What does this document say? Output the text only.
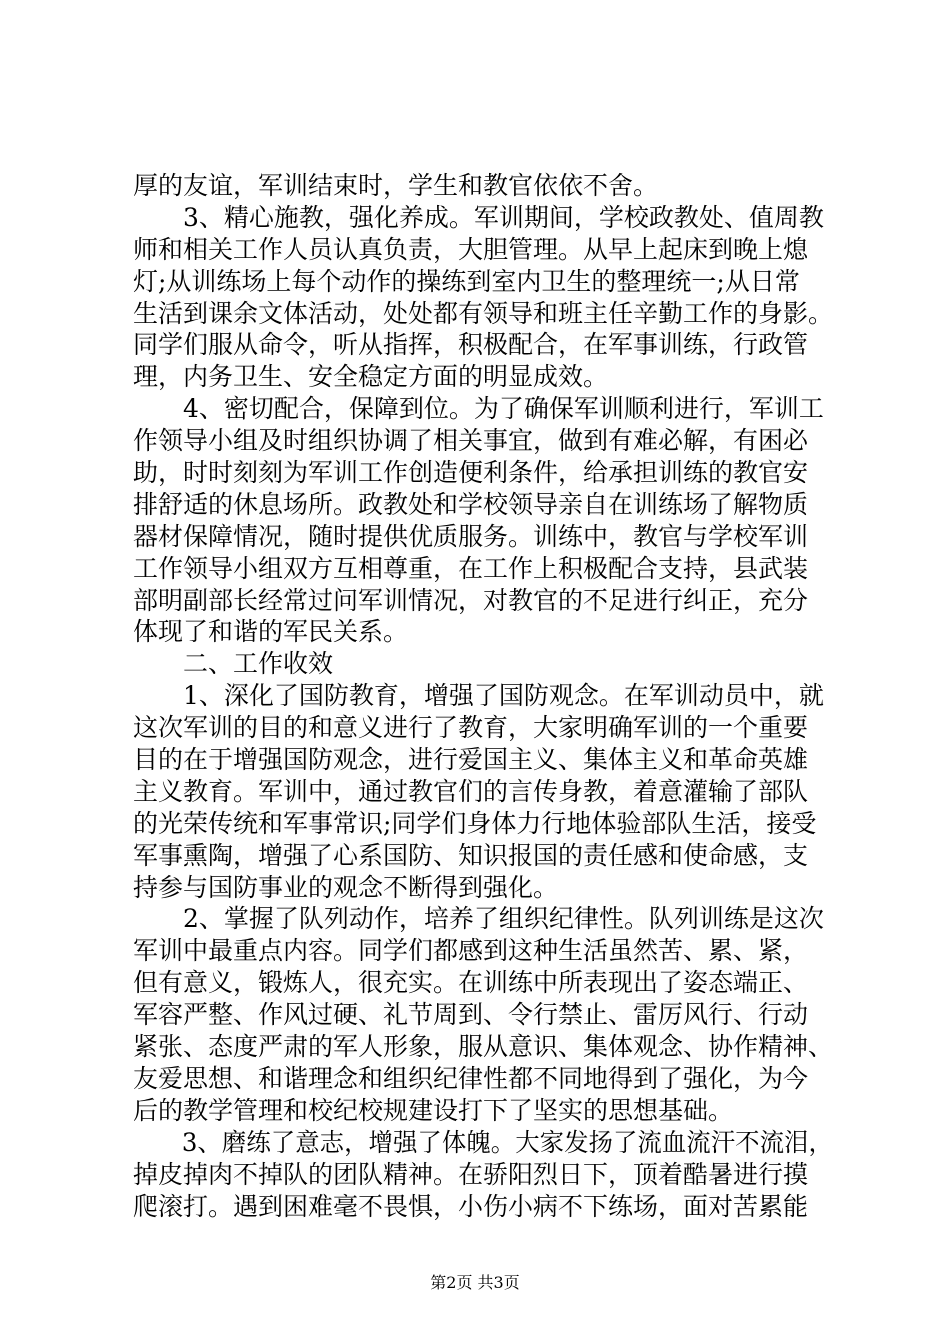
厚的友谊，军训结束时，学生和教官依依不舍。
　　3、精心施教，强化养成。军训期间，学校政教处、值周教
师和相关工作人员认真负责，大胆管理。从早上起床到晚上熄
灯;从训练场上每个动作的操练到室内卫生的整理统一;从日常
生活到课余文体活动，处处都有领导和班主任辛勤工作的身影。
同学们服从命令，听从指挥，积极配合，在军事训练，行政管
理，内务卫生、安全稳定方面的明显成效。
　　4、密切配合，保障到位。为了确保军训顺利进行，军训工
作领导小组及时组织协调了相关事宜，做到有难必解，有困必
助，时时刻刻为军训工作创造便利条件，给承担训练的教官安
排舒适的休息场所。政教处和学校领导亲自在训练场了解物质
器材保障情况，随时提供优质服务。训练中，教官与学校军训
工作领导小组双方互相尊重，在工作上积极配合支持，县武装
部明副部长经常过问军训情况，对教官的不足进行纠正，充分
体现了和谐的军民关系。
　　二、工作收效
　　1、深化了国防教育，增强了国防观念。在军训动员中，就
这次军训的目的和意义进行了教育，大家明确军训的一个重要
目的在于增强国防观念，进行爱国主义、集体主义和革命英雄
主义教育。军训中，通过教官们的言传身教，着意灌输了部队
的光荣传统和军事常识;同学们身体力行地体验部队生活，接受
军事熏陶，增强了心系国防、知识报国的责任感和使命感，支
持参与国防事业的观念不断得到强化。
　　2、掌握了队列动作，培养了组织纪律性。队列训练是这次
军训中最重点内容。同学们都感到这种生活虽然苦、累、紧，
但有意义，锻炼人，很充实。在训练中所表现出了姿态端正、
军容严整、作风过硬、礼节周到、令行禁止、雷厉风行、行动
紧张、态度严肃的军人形象，服从意识、集体观念、协作精神、
友爱思想、和谐理念和组织纪律性都不同地得到了强化，为今
后的教学管理和校纪校规建设打下了坚实的思想基础。
　　3、磨练了意志，增强了体魄。大家发扬了流血流汗不流泪，
掉皮掉肉不掉队的团队精神。在骄阳烈日下，顶着酷暑进行摸
爬滚打。遇到困难毫不畏惧，小伤小病不下练场，面对苦累能
第2页 共3页
